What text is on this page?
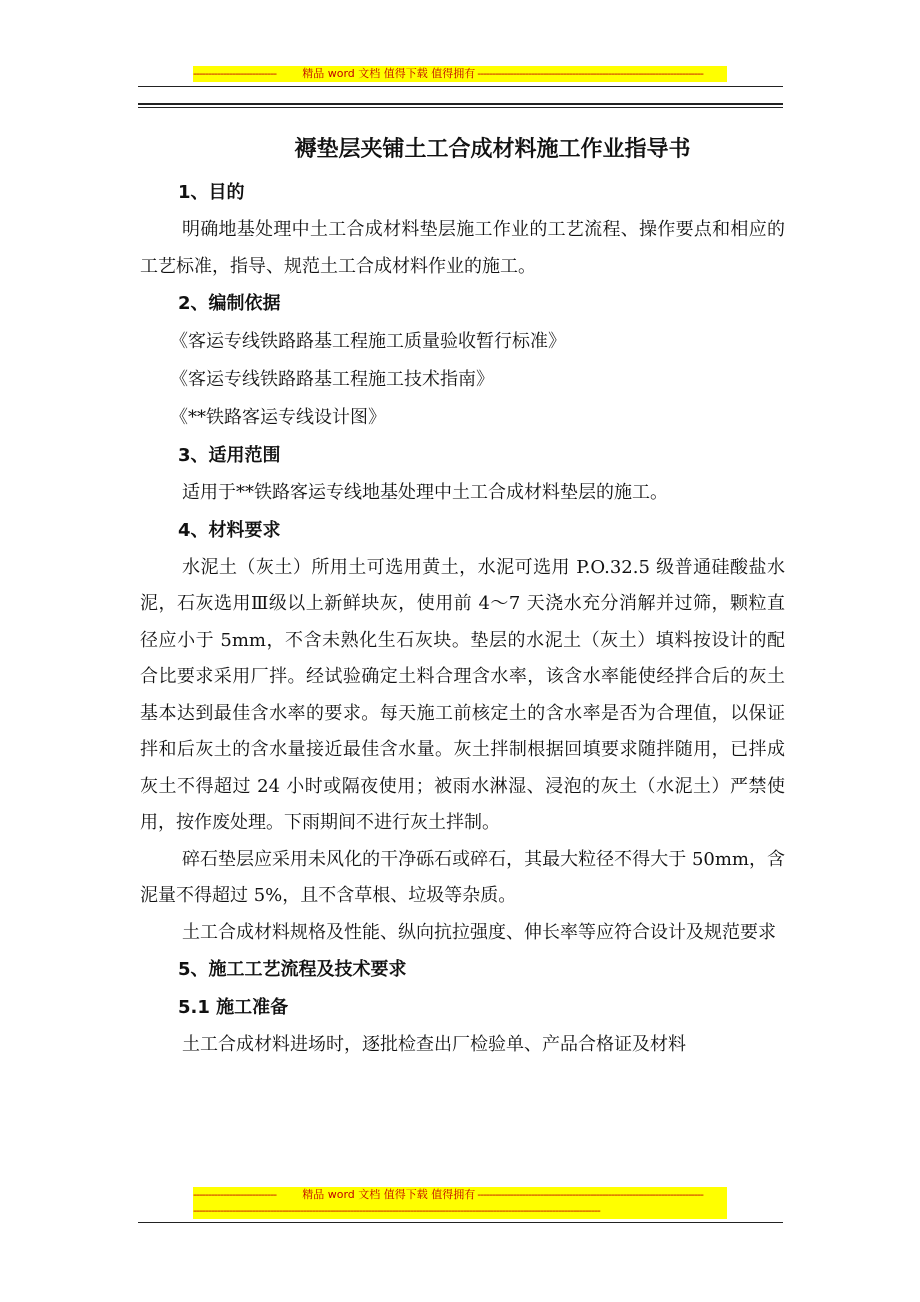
----------------------------	精品 word 文档 值得下载 值得拥有 ----------------------------------------------------------------------------
褥垫层夹铺土工合成材料施工作业指导书

1、目的

明确地基处理中土工合成材料垫层施工作业的工艺流程、操作要点和相应的工艺标准，指导、规范土工合成材料作业的施工。

2、编制依据

《客运专线铁路路基工程施工质量验收暂行标准》

《客运专线铁路路基工程施工技术指南》

《**铁路客运专线设计图》

3、适用范围

适用于**铁路客运专线地基处理中土工合成材料垫层的施工。

4、材料要求

水泥土（灰土）所用土可选用黄土，水泥可选用 P.O.32.5 级普通硅酸盐水泥，石灰选用Ⅲ级以上新鲜块灰，使用前 4～7 天浇水充分消解并过筛，颗粒直径应小于 5mm，不含未熟化生石灰块。垫层的水泥土（灰土）填料按设计的配合比要求采用厂拌。经试验确定土料合理含水率，该含水率能使经拌合后的灰土基本达到最佳含水率的要求。每天施工前核定土的含水率是否为合理值，以保证拌和后灰土的含水量接近最佳含水量。灰土拌制根据回填要求随拌随用，已拌成灰土不得超过 24 小时或隔夜使用；被雨水淋湿、浸泡的灰土（水泥土）严禁使用，按作废处理。下雨期间不进行灰土拌制。

碎石垫层应采用未风化的干净砾石或碎石，其最大粒径不得大于 50mm，含泥量不得超过 5%，且不含草根、垃圾等杂质。

土工合成材料规格及性能、纵向抗拉强度、伸长率等应符合设计及规范要求

5、施工工艺流程及技术要求

5.1 施工准备

土工合成材料进场时，逐批检查出厂检验单、产品合格证及材料

----------------------------	精品 word 文档 值得下载 值得拥有 ----------------------------------------------------------------------------
-----------------------------------------------------------------------------------------------------------------------------------------
